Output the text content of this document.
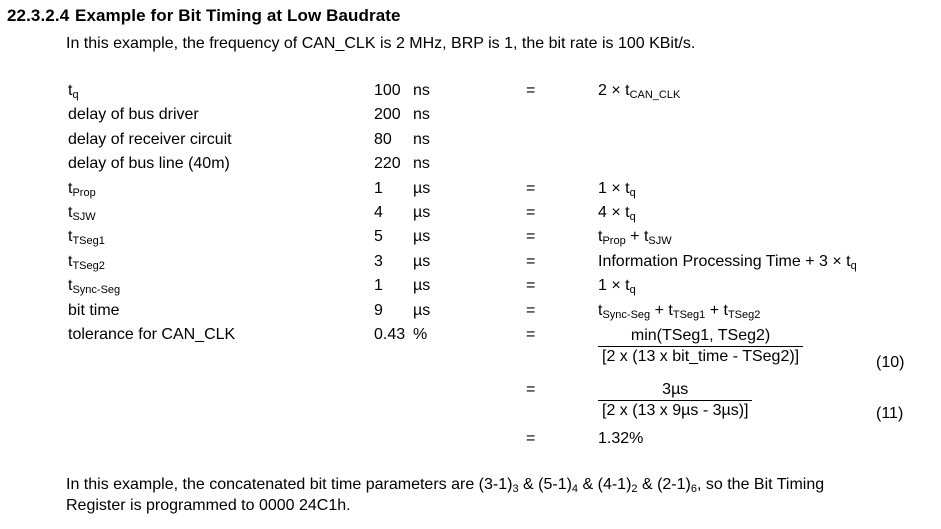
22.3.2.4 Example for Bit Timing at Low Baudrate
In this example, the frequency of CAN_CLK is 2 MHz, BRP is 1, the bit rate is 100 KBit/s.
$t_q$	100 ns	=	$2 \times t_{CAN\_CLK}$
delay of bus driver	200 ns
delay of receiver circuit	80	ns
delay of bus line (40m)	220 ns
$t_{Prop}$	1	µs	=	$1 \times t_q$
$t_{SJW}$	4	µs	=	$4 \times t_q$
$t_{TSeg1}$	5	µs	=	$t_{Prop} + t_{SJW}$
$t_{TSeg2}$	3	µs	=	Information Processing Time + $3 \times t_q$
$t_{Sync-Seg}$	1	µs	=	$1 \times t_q$
bit time	9	µs	=	$t_{Sync-Seg} + t_{TSeg1} + t_{TSeg2}$
tolerance for CAN_CLK	0.43 %	=	$\frac{\text{min(TSeg1, TSeg2)}}{\text{[2 x (13 x bit\_time - TSeg2)]}}$	(10)
=	$\frac{\text{3µs}}{\text{[2 x (13 x 9µs - 3µs)]}}$	(11)
=	1.32%
In this example, the concatenated bit time parameters are $(3-1)_3$ & $(5-1)_4$ & $(4-1)_2$ & $(2-1)_6$, so the Bit Timing Register is programmed to 0000 24C1h.
